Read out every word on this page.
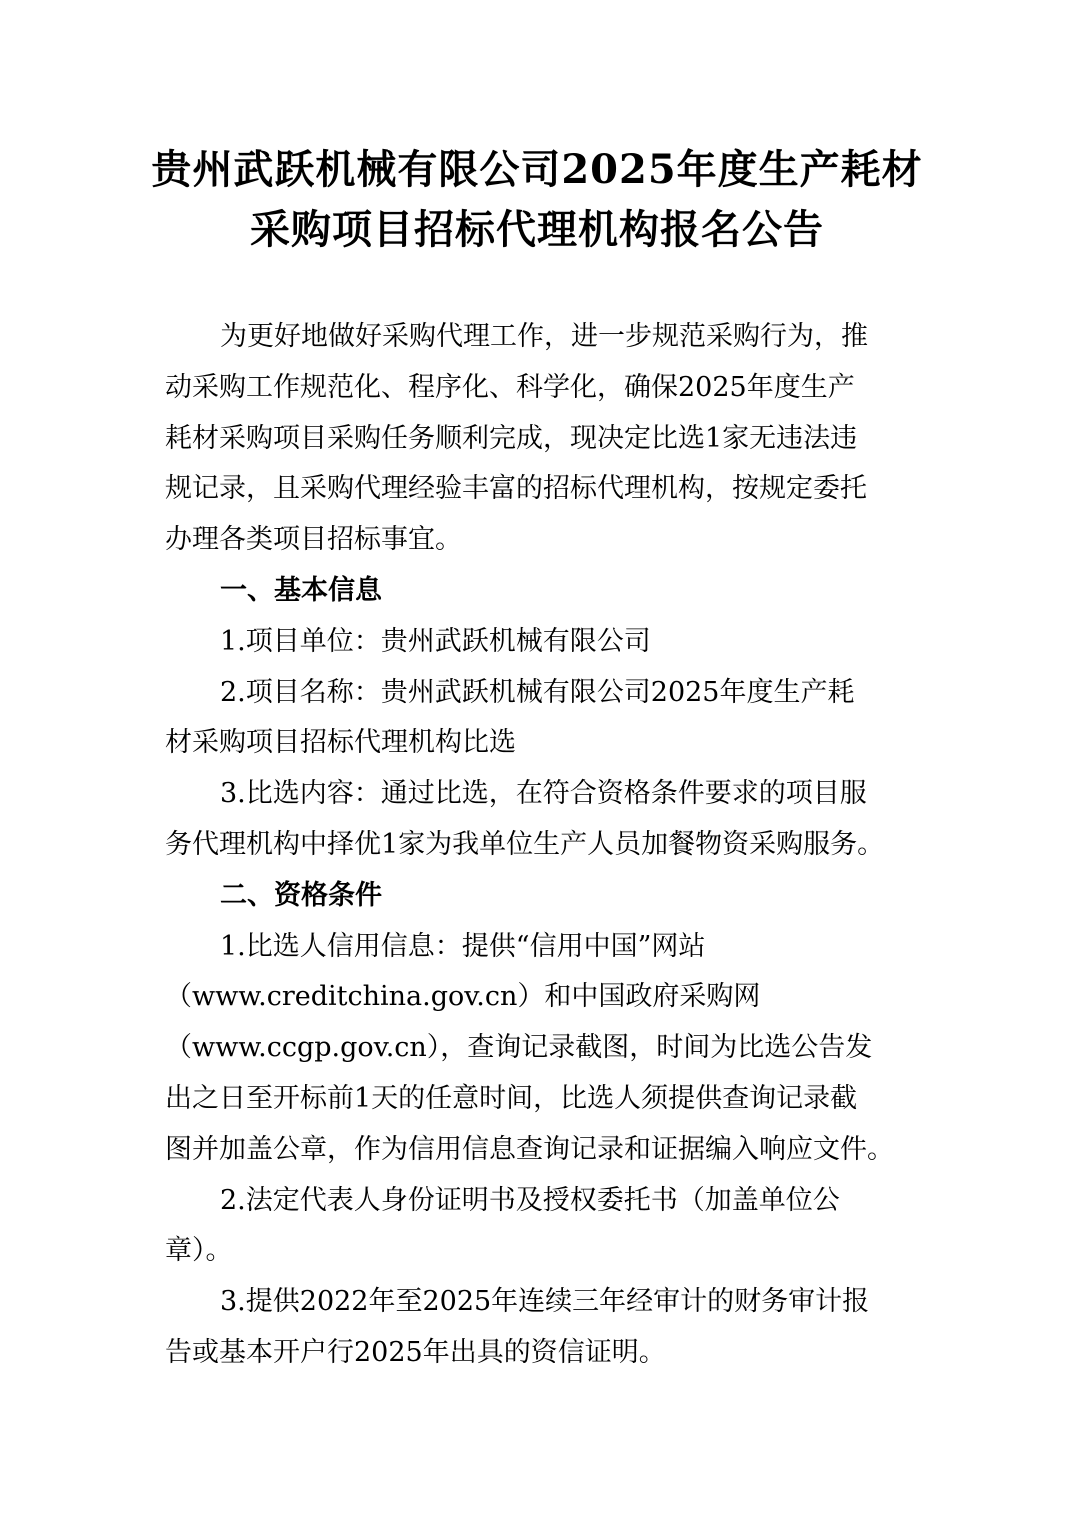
贵州武跃机械有限公司2025年度生产耗材
采购项目招标代理机构报名公告
为更好地做好采购代理工作，进一步规范采购行为，推
动采购工作规范化、程序化、科学化，确保2025年度生产
耗材采购项目采购任务顺利完成，现决定比选1家无违法违
规记录，且采购代理经验丰富的招标代理机构，按规定委托
办理各类项目招标事宜。
一、基本信息
1.项目单位：贵州武跃机械有限公司
2.项目名称：贵州武跃机械有限公司2025年度生产耗
材采购项目招标代理机构比选
3.比选内容：通过比选，在符合资格条件要求的项目服
务代理机构中择优1家为我单位生产人员加餐物资采购服务。
二、资格条件
1.比选人信用信息：提供“信用中国”网站
（www.creditchina.gov.cn）和中国政府采购网
（www.ccgp.gov.cn），查询记录截图，时间为比选公告发
出之日至开标前1天的任意时间，比选人须提供查询记录截
图并加盖公章，作为信用信息查询记录和证据编入响应文件。
2.法定代表人身份证明书及授权委托书（加盖单位公
章）。
3.提供2022年至2025年连续三年经审计的财务审计报
告或基本开户行2025年出具的资信证明。
